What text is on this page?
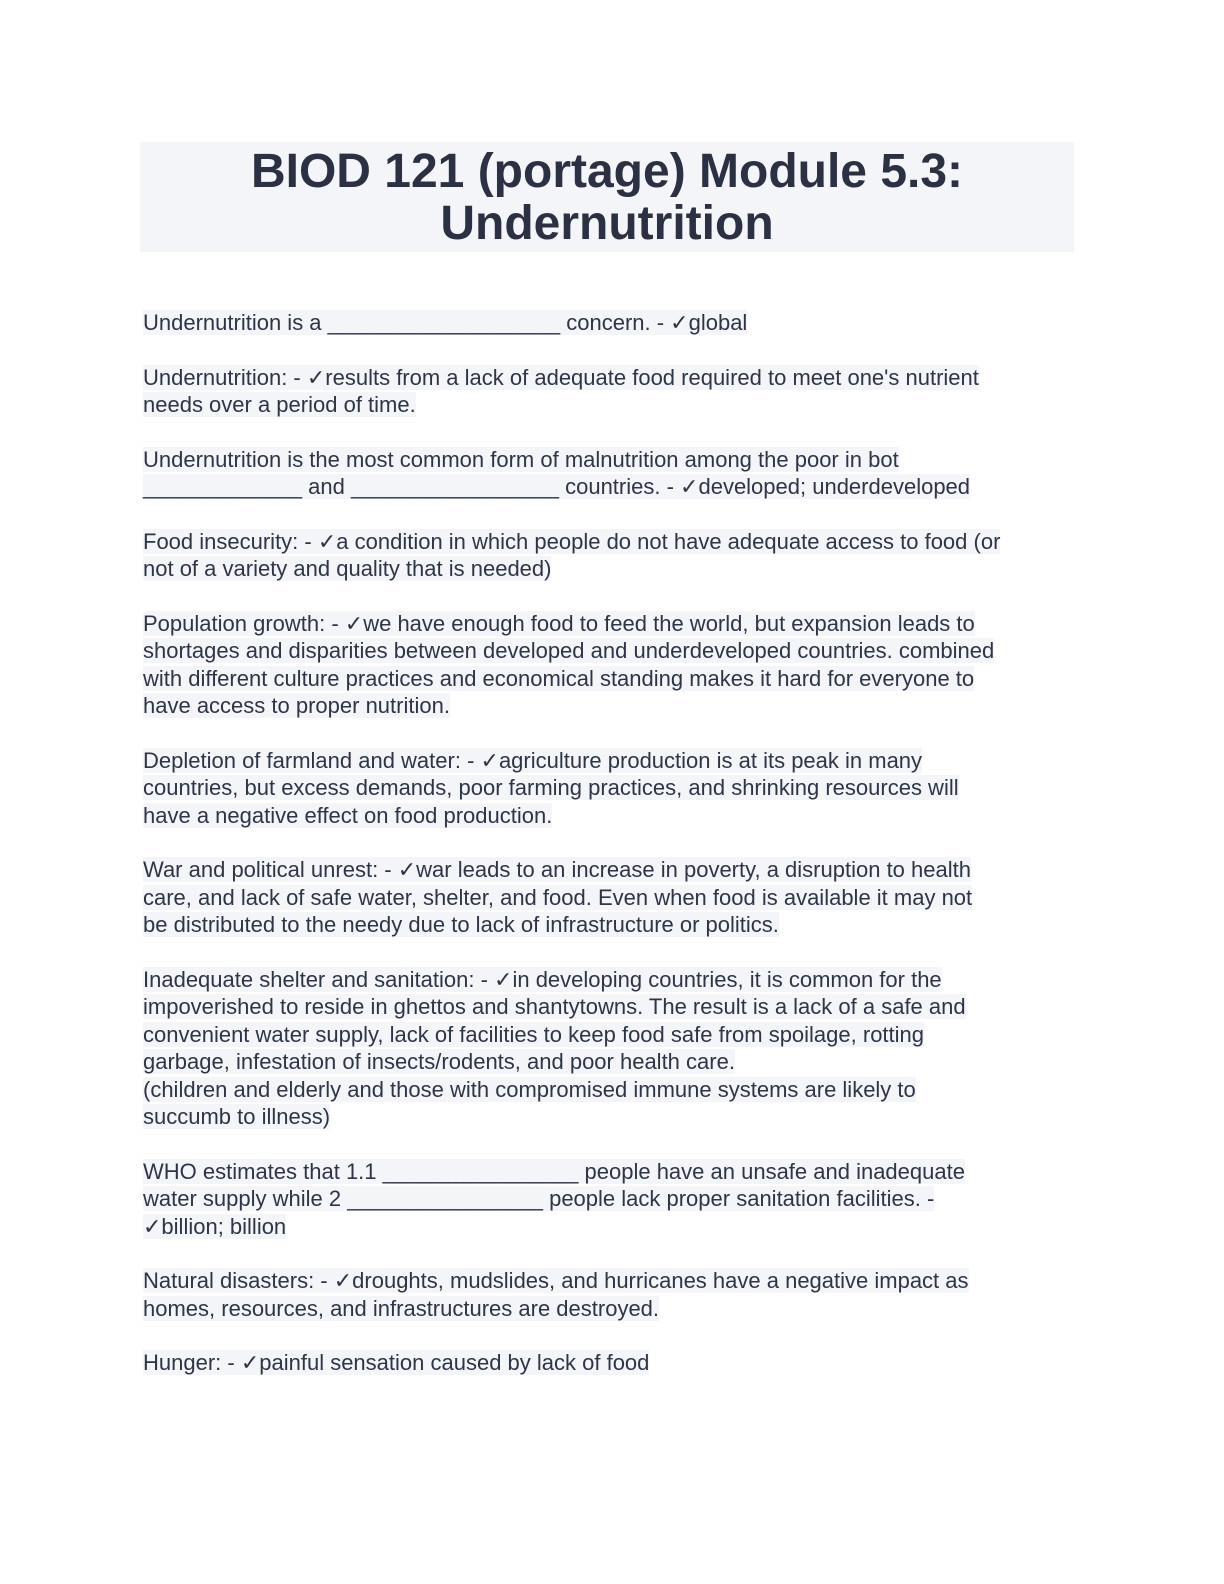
BIOD 121 (portage) Module 5.3:
Undernutrition
Undernutrition is a ___________________ concern. - ✓global
Undernutrition: - ✓results from a lack of adequate food required to meet one's nutrient
needs over a period of time.
Undernutrition is the most common form of malnutrition among the poor in bot
_____________ and _________________ countries. - ✓developed; underdeveloped
Food insecurity: - ✓a condition in which people do not have adequate access to food (or
not of a variety and quality that is needed)
Population growth: - ✓we have enough food to feed the world, but expansion leads to
shortages and disparities between developed and underdeveloped countries. combined
with different culture practices and economical standing makes it hard for everyone to
have access to proper nutrition.
Depletion of farmland and water: - ✓agriculture production is at its peak in many
countries, but excess demands, poor farming practices, and shrinking resources will
have a negative effect on food production.
War and political unrest: - ✓war leads to an increase in poverty, a disruption to health
care, and lack of safe water, shelter, and food. Even when food is available it may not
be distributed to the needy due to lack of infrastructure or politics.
Inadequate shelter and sanitation: - ✓in developing countries, it is common for the
impoverished to reside in ghettos and shantytowns. The result is a lack of a safe and
convenient water supply, lack of facilities to keep food safe from spoilage, rotting
garbage, infestation of insects/rodents, and poor health care.
(children and elderly and those with compromised immune systems are likely to
succumb to illness)
WHO estimates that 1.1 ________________ people have an unsafe and inadequate
water supply while 2 ________________ people lack proper sanitation facilities. -
✓billion; billion
Natural disasters: - ✓droughts, mudslides, and hurricanes have a negative impact as
homes, resources, and infrastructures are destroyed.
Hunger: - ✓painful sensation caused by lack of food
